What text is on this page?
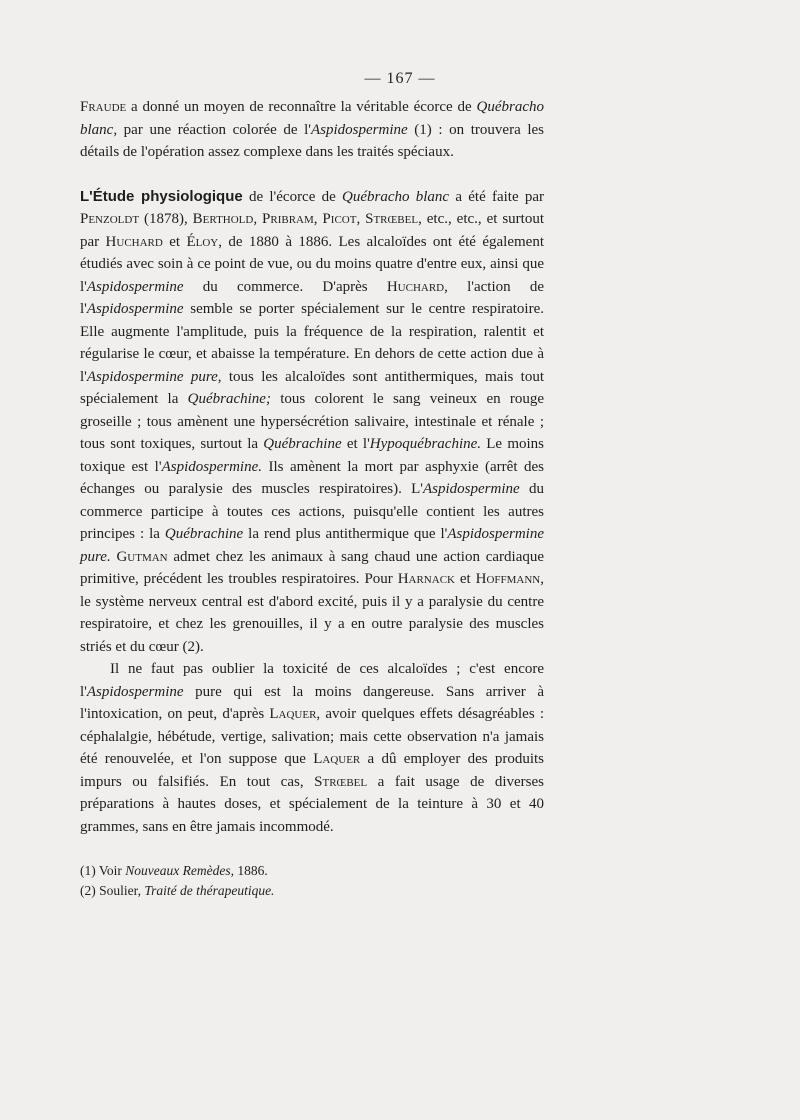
— 167 —

Fraude a donné un moyen de reconnaître la véritable écorce de Québracho blanc, par une réaction colorée de l'Aspidospermine (1) : on trouvera les détails de l'opération assez complexe dans les traités spéciaux.

L'Étude physiologique de l'écorce de Québracho blanc a été faite par Penzoldt (1878), Berthold, Pribram, Picot, Strœbel, etc., etc., et surtout par Huchard et Éloy, de 1880 à 1886. Les alcaloïdes ont été également étudiés avec soin à ce point de vue, ou du moins quatre d'entre eux, ainsi que l'Aspidospermine du commerce. D'après Huchard, l'action de l'Aspidospermine semble se porter spécialement sur le centre respiratoire. Elle augmente l'amplitude, puis la fréquence de la respiration, ralentit et régularise le cœur, et abaisse la température. En dehors de cette action due à l'Aspidospermine pure, tous les alcaloïdes sont antithermiques, mais tout spécialement la Québrachine; tous colorent le sang veineux en rouge groseille ; tous amènent une hypersécrétion salivaire, intestinale et rénale ; tous sont toxiques, surtout la Québrachine et l'Hypoquébrachine. Le moins toxique est l'Aspidospermine. Ils amènent la mort par asphyxie (arrêt des échanges ou paralysie des muscles respiratoires). L'Aspidospermine du commerce participe à toutes ces actions, puisqu'elle contient les autres principes : la Québrachine la rend plus antithermique que l'Aspidospermine pure. Gutman admet chez les animaux à sang chaud une action cardiaque primitive, précédent les troubles respiratoires. Pour Harnack et Hoffmann, le système nerveux central est d'abord excité, puis il y a paralysie du centre respiratoire, et chez les grenouilles, il y a en outre paralysie des muscles striés et du cœur (2).

Il ne faut pas oublier la toxicité de ces alcaloïdes ; c'est encore l'Aspidospermine pure qui est la moins dangereuse. Sans arriver à l'intoxication, on peut, d'après Laquer, avoir quelques effets désagréables : céphalalgie, hébétude, vertige, salivation; mais cette observation n'a jamais été renouvelée, et l'on suppose que Laquer a dû employer des produits impurs ou falsifiés. En tout cas, Strœbel a fait usage de diverses préparations à hautes doses, et spécialement de la teinture à 30 et 40 grammes, sans en être jamais incommodé.

(1) Voir Nouveaux Remèdes, 1886.
(2) Soulier, Traité de thérapeutique.
